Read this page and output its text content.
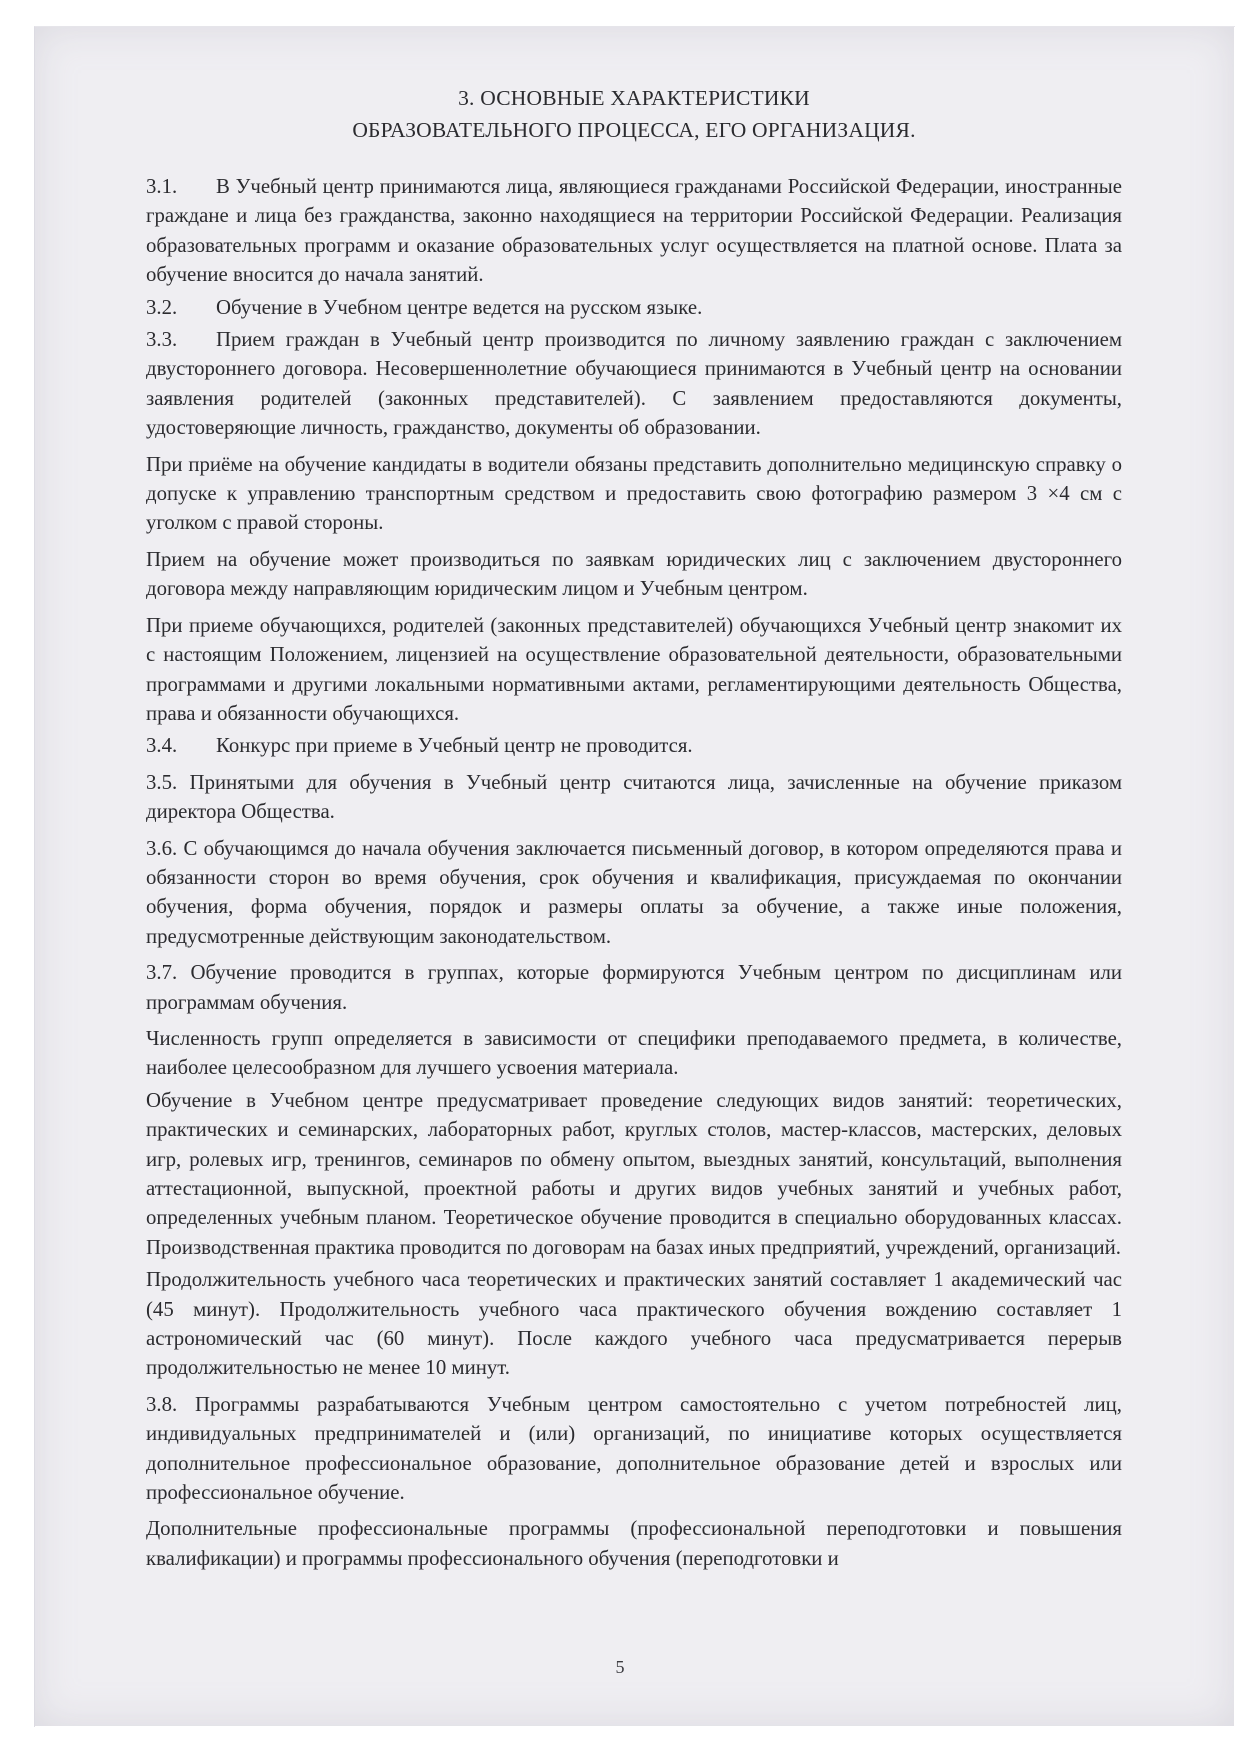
3. ОСНОВНЫЕ ХАРАКТЕРИСТИКИ
ОБРАЗОВАТЕЛЬНОГО ПРОЦЕССА, ЕГО ОРГАНИЗАЦИЯ.

3.1. В Учебный центр принимаются лица, являющиеся гражданами Российской Федерации, иностранные граждане и лица без гражданства, законно находящиеся на территории Российской Федерации. Реализация образовательных программ и оказание образовательных услуг осуществляется на платной основе. Плата за обучение вносится до начала занятий.

3.2. Обучение в Учебном центре ведется на русском языке.

3.3. Прием граждан в Учебный центр производится по личному заявлению граждан с заключением двустороннего договора. Несовершеннолетние обучающиеся принимаются в Учебный центр на основании заявления родителей (законных представителей). С заявлением предоставляются документы, удостоверяющие личность, гражданство, документы об образовании.

При приёме на обучение кандидаты в водители обязаны представить дополнительно медицинскую справку о допуске к управлению транспортным средством и предоставить свою фотографию размером 3 ×4 см с уголком с правой стороны.

Прием на обучение может производиться по заявкам юридических лиц с заключением двустороннего договора между направляющим юридическим лицом и Учебным центром.

При приеме обучающихся, родителей (законных представителей) обучающихся Учебный центр знакомит их с настоящим Положением, лицензией на осуществление образовательной деятельности, образовательными программами и другими локальными нормативными актами, регламентирующими деятельность Общества, права и обязанности обучающихся.

3.4. Конкурс при приеме в Учебный центр не проводится.

3.5. Принятыми для обучения в Учебный центр считаются лица, зачисленные на обучение приказом директора Общества.

3.6. С обучающимся до начала обучения заключается письменный договор, в котором определяются права и обязанности сторон во время обучения, срок обучения и квалификация, присуждаемая по окончании обучения, форма обучения, порядок и размеры оплаты за обучение, а также иные положения, предусмотренные действующим законодательством.

3.7. Обучение проводится в группах, которые формируются Учебным центром по дисциплинам или программам обучения.

Численность групп определяется в зависимости от специфики преподаваемого предмета, в количестве, наиболее целесообразном для лучшего усвоения материала.

Обучение в Учебном центре предусматривает проведение следующих видов занятий: теоретических, практических и семинарских, лабораторных работ, круглых столов, мастер-классов, мастерских, деловых игр, ролевых игр, тренингов, семинаров по обмену опытом, выездных занятий, консультаций, выполнения аттестационной, выпускной, проектной работы и других видов учебных занятий и учебных работ, определенных учебным планом. Теоретическое обучение проводится в специально оборудованных классах. Производственная практика проводится по договорам на базах иных предприятий, учреждений, организаций.

Продолжительность учебного часа теоретических и практических занятий составляет 1 академический час (45 минут). Продолжительность учебного часа практического обучения вождению составляет 1 астрономический час (60 минут). После каждого учебного часа предусматривается перерыв продолжительностью не менее 10 минут.

3.8. Программы разрабатываются Учебным центром самостоятельно с учетом потребностей лиц, индивидуальных предпринимателей и (или) организаций, по инициативе которых осуществляется дополнительное профессиональное образование, дополнительное образование детей и взрослых или профессиональное обучение.

Дополнительные профессиональные программы (профессиональной переподготовки и повышения квалификации) и программы профессионального обучения (переподготовки и

5
